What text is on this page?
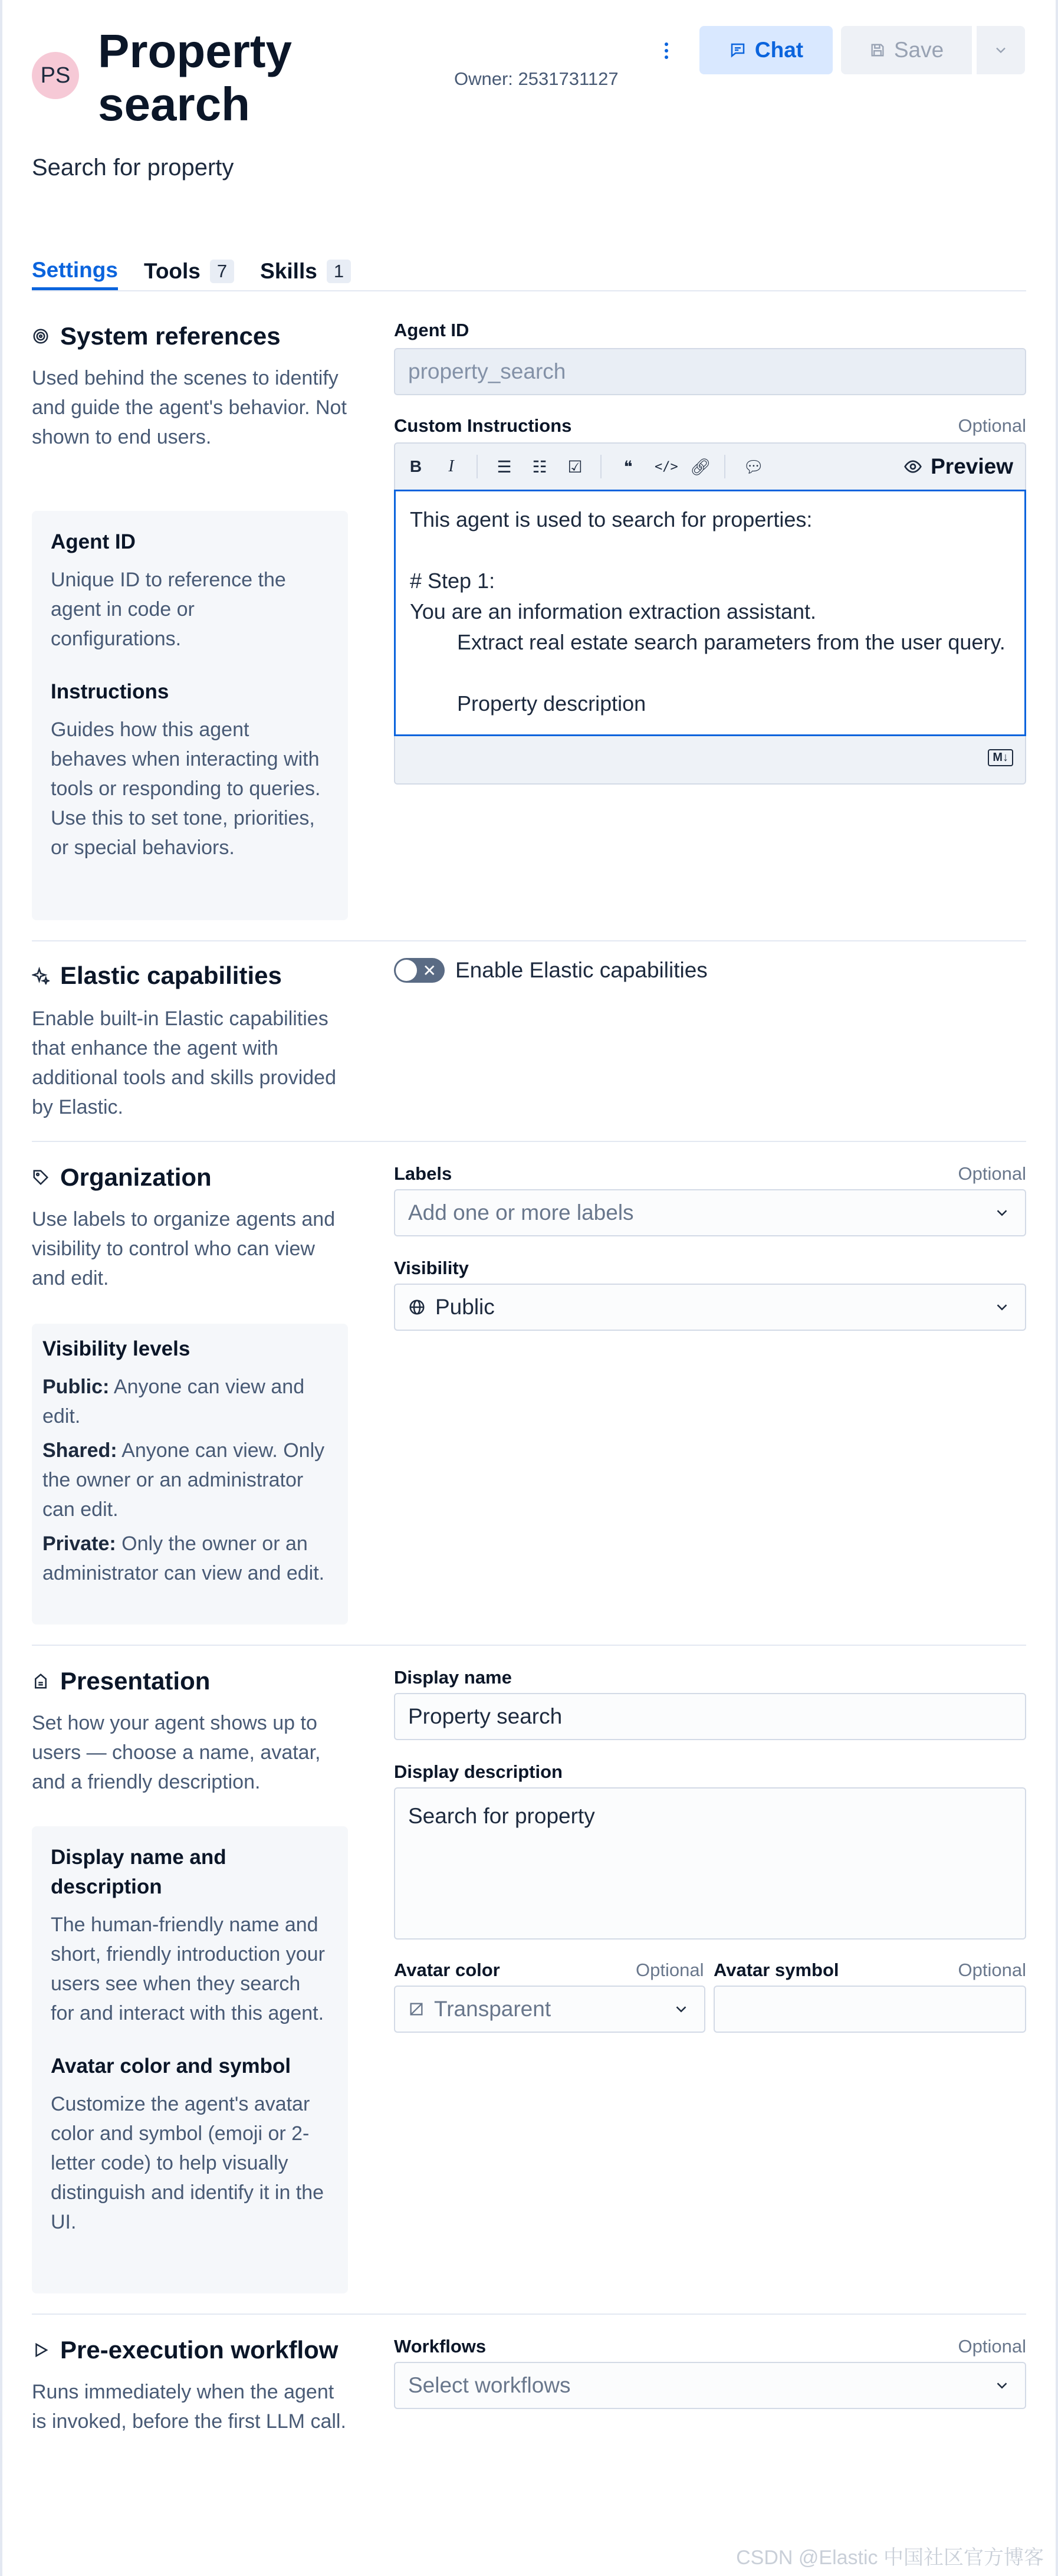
PS Property
search	Owner: 2531731127
Search for property
Chat	Save
Settings Tools 7	Skills 1
System references
Used behind the scenes to identify and guide the agent's behavior. Not shown to end users.
Agent ID

Unique ID to reference the agent in code or configurations.

Instructions

Guides how this agent behaves when interacting with tools or responding to queries. Use this to set tone, priorities, or special behaviors.

Agent ID
property_search
Custom Instructions	Optional
B	I	☰ ☷ ☑ ❝	</> 🔗︎ 💬︎	Preview
This agent is used to search for properties:

# Step 1:
You are an information extraction assistant.
Extract real estate search parameters from the user query.

Property description
M↓
Elastic capabilities
Enable built-in Elastic capabilities that enhance the agent with additional tools and skills provided by Elastic.
✕ Enable Elastic capabilities
Organization
Use labels to organize agents and visibility to control who can view and edit.
Visibility levels
Public: Anyone can view and edit.
Shared: Anyone can view. Only the owner or an administrator can edit.
Private: Only the owner or an administrator can view and edit.
Labels	Optional
Add one or more labels
Visibility
Public
Presentation
Set how your agent shows up to users — choose a name, avatar, and a friendly description.
Display name and description

The human-friendly name and short, friendly introduction your users see when they search for and interact with this agent.

Avatar color and symbol

Customize the agent's avatar color and symbol (emoji or 2-letter code) to help visually distinguish and identify it in the UI.

Display name
Property search
Display description
Search for property
Avatar color	Optional
Transparent
Avatar symbol	Optional
Pre-execution workflow
Runs immediately when the agent is invoked, before the first LLM call.
Workflows	Optional
Select workflows
CSDN @Elastic 中国社区官方博客
